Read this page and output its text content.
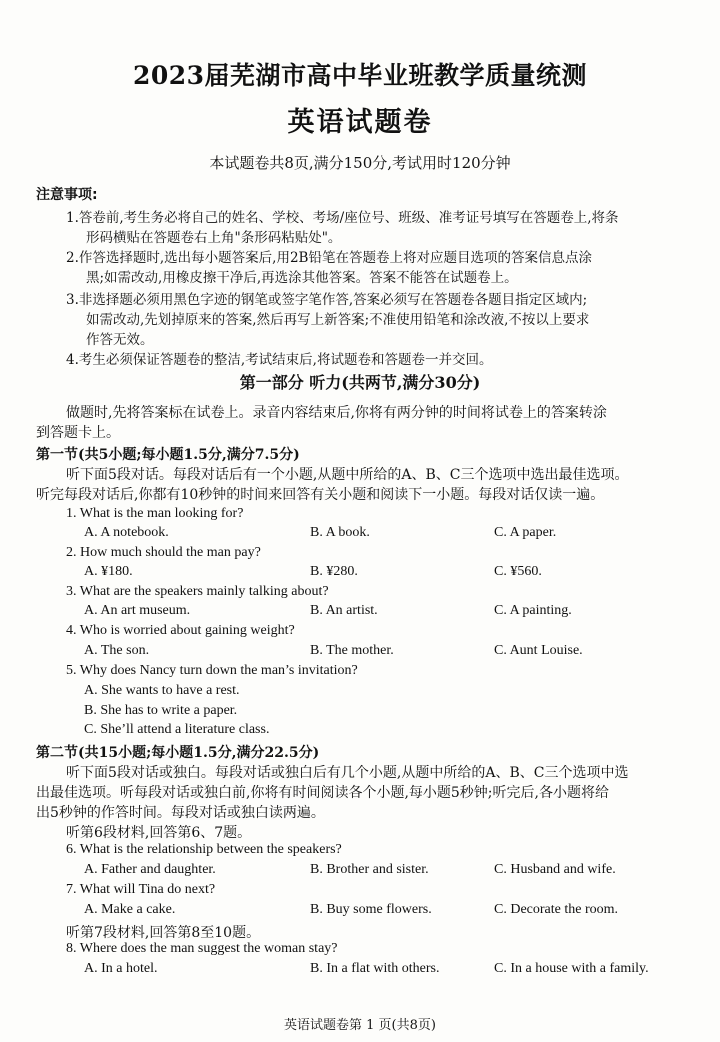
2023届芜湖市高中毕业班教学质量统测
英语试题卷
本试题卷共8页,满分150分,考试用时120分钟
注意事项:
1.答卷前,考生务必将自己的姓名、学校、考场/座位号、班级、准考证号填写在答题卷上,将条
形码横贴在答题卷右上角"条形码粘贴处"。
2.作答选择题时,选出每小题答案后,用2B铅笔在答题卷上将对应题目选项的答案信息点涂
黑;如需改动,用橡皮擦干净后,再选涂其他答案。答案不能答在试题卷上。
3.非选择题必须用黑色字迹的钢笔或签字笔作答,答案必须写在答题卷各题目指定区域内;
如需改动,先划掉原来的答案,然后再写上新答案;不准使用铅笔和涂改液,不按以上要求
作答无效。
4.考生必须保证答题卷的整洁,考试结束后,将试题卷和答题卷一并交回。
第一部分 听力(共两节,满分30分)
做题时,先将答案标在试卷上。录音内容结束后,你将有两分钟的时间将试卷上的答案转涂
到答题卡上。
第一节(共5小题;每小题1.5分,满分7.5分)
听下面5段对话。每段对话后有一个小题,从题中所给的A、B、C三个选项中选出最佳选项。
听完每段对话后,你都有10秒钟的时间来回答有关小题和阅读下一小题。每段对话仅读一遍。
1. What is the man looking for?
A. A notebook.	B. A book.	C. A paper.
2. How much should the man pay?
A. ¥180.	B. ¥280.	C. ¥560.
3. What are the speakers mainly talking about?
A. An art museum.	B. An artist.	C. A painting.
4. Who is worried about gaining weight?
A. The son.	B. The mother.	C. Aunt Louise.
5. Why does Nancy turn down the man’s invitation?
A. She wants to have a rest.
B. She has to write a paper.
C. She’ll attend a literature class.
第二节(共15小题;每小题1.5分,满分22.5分)
听下面5段对话或独白。每段对话或独白后有几个小题,从题中所给的A、B、C三个选项中选
出最佳选项。听每段对话或独白前,你将有时间阅读各个小题,每小题5秒钟;听完后,各小题将给
出5秒钟的作答时间。每段对话或独白读两遍。
听第6段材料,回答第6、7题。
6. What is the relationship between the speakers?
A. Father and daughter.	B. Brother and sister.	C. Husband and wife.
7. What will Tina do next?
A. Make a cake.	B. Buy some flowers.	C. Decorate the room.
听第7段材料,回答第8至10题。
8. Where does the man suggest the woman stay?
A. In a hotel.	B. In a flat with others.	C. In a house with a family.
英语试题卷第 1 页(共8页)
